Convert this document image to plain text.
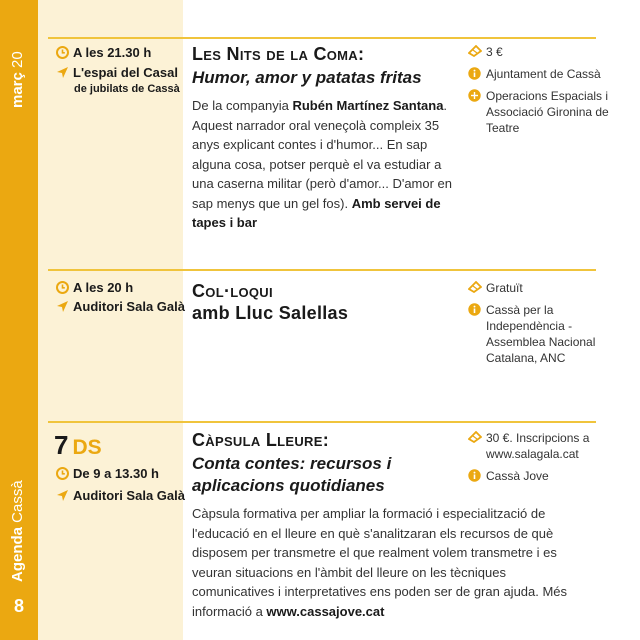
març 20
Agenda Cassà
8
A les 21.30 h
L'espai del Casal
de jubilats de Cassà
Les Nits de la Coma:
Humor, amor y patatas fritas
De la companyia Rubén Martínez Santana. Aquest narrador oral veneçolà compleix 35 anys explicant contes i d'humor... En sap alguna cosa, potser perquè el va estudiar a una caserna militar (però d'amor... D'amor en sap menys que un gel fos). Amb servei de tapes i bar
3 €
Ajuntament de Cassà
Operacions Espacials i Associació Gironina de Teatre
A les 20 h
Auditori Sala Galà
Col·loqui
amb Lluc Salellas
Gratuït
Cassà per la Independència - Assemblea Nacional Catalana, ANC
7 DS
De 9 a 13.30 h
Auditori Sala Galà
Càpsula Lleure:
Conta contes: recursos i
aplicacions quotidianes
Càpsula formativa per ampliar la formació i especialització de l'educació en el lleure en què s'analitzaran els recursos de què disposem per transmetre el que realment volem transmetre i es veuran situacions en l'àmbit del lleure on les tècniques comunicatives i interpretatives ens poden ser de gran ajuda. Més informació a www.cassajove.cat
30 €. Inscripcions a www.salagala.cat
Cassà Jove
